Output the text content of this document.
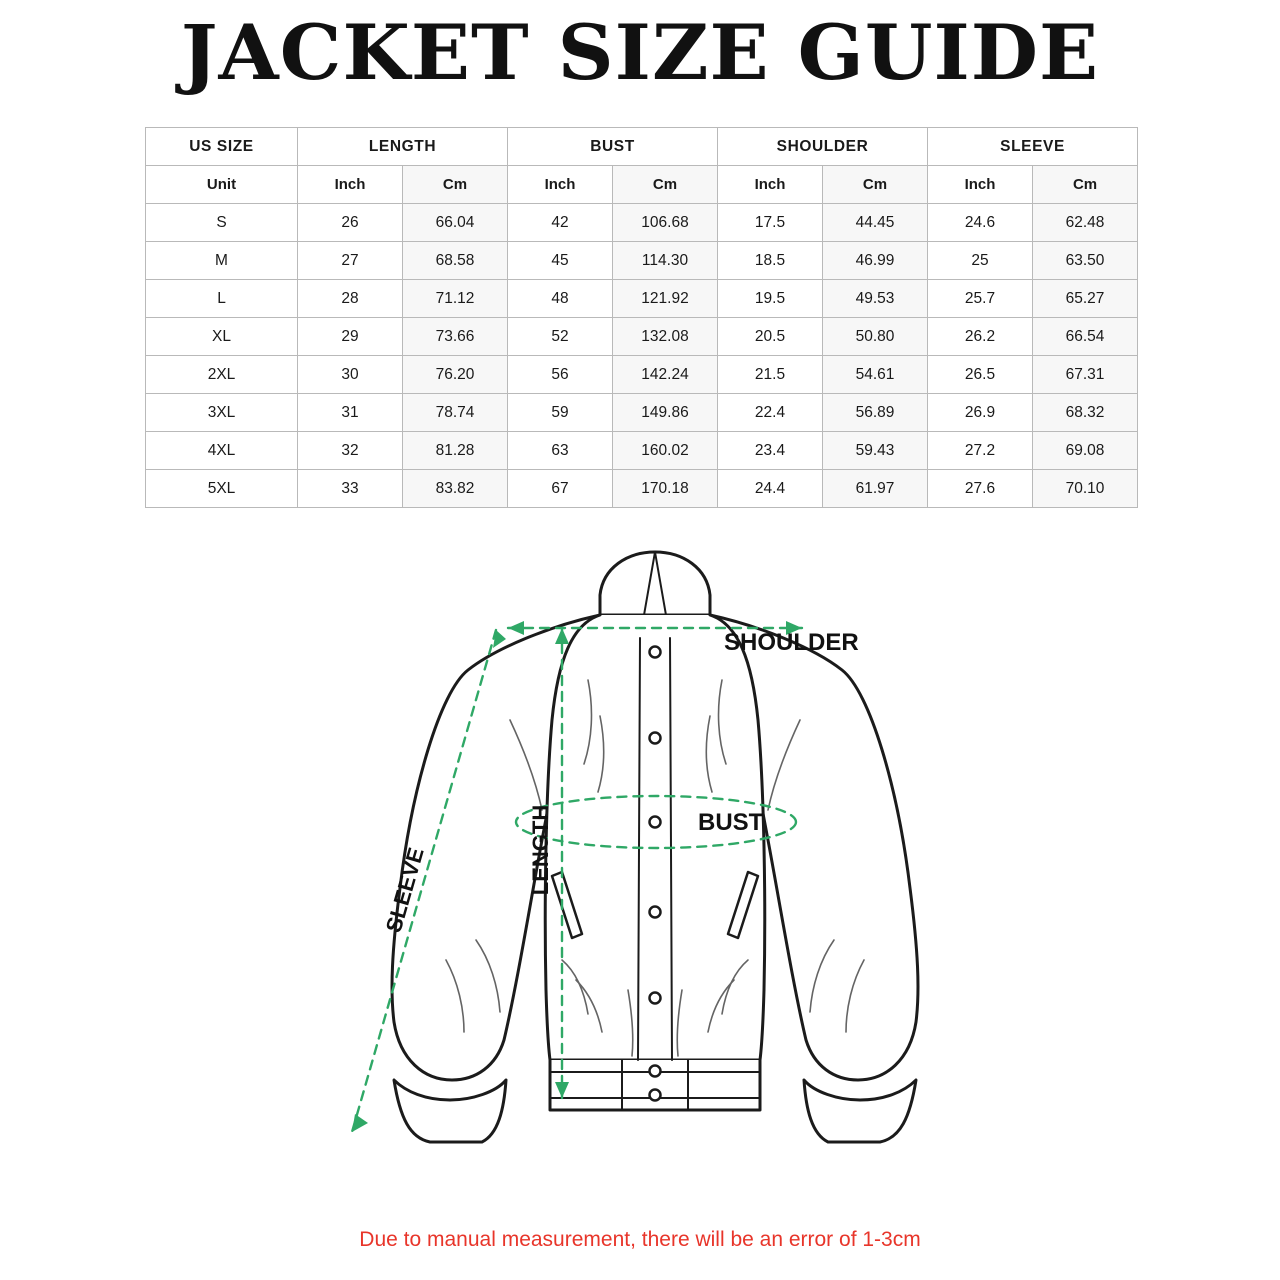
JACKET SIZE GUIDE
US SIZE	LENGTH		BUST		SHOULDER		SLEEVE	
Unit	Inch	Cm	Inch	Cm	Inch	Cm	Inch	Cm
S	26	66.04	42	106.68	17.5	44.45	24.6	62.48
M	27	68.58	45	114.30	18.5	46.99	25	63.50
L	28	71.12	48	121.92	19.5	49.53	25.7	65.27
XL	29	73.66	52	132.08	20.5	50.80	26.2	66.54
2XL	30	76.20	56	142.24	21.5	54.61	26.5	67.31
3XL	31	78.74	59	149.86	22.4	56.89	26.9	68.32
4XL	32	81.28	63	160.02	23.4	59.43	27.2	69.08
5XL	33	83.82	67	170.18	24.4	61.97	27.6	70.10
SHOULDER
LENGTH	BUST
SLEEVE
Due to manual measurement, there will be an error of 1-3cm
